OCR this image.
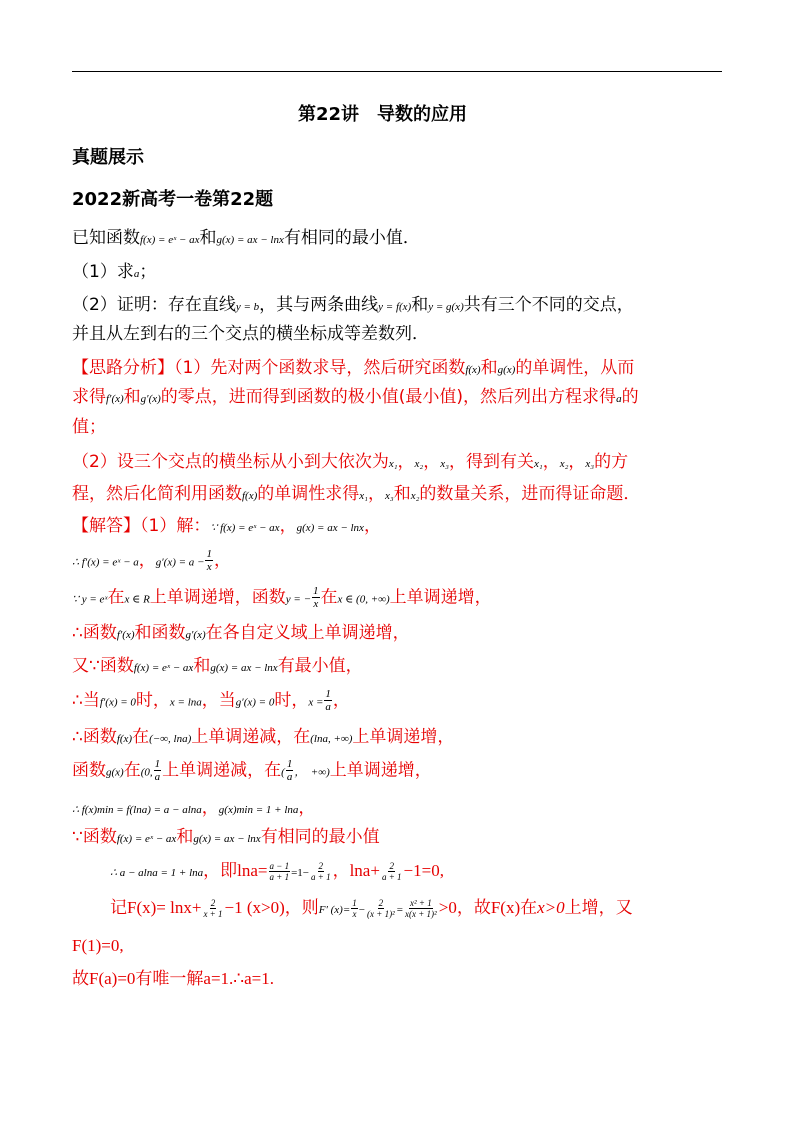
第22讲　导数的应用
真题展示
2022新高考一卷第22题
已知函数f(x) = eˣ − ax和g(x) = ax − lnx有相同的最小值．
（1）求a；
（2）证明：存在直线y = b，其与两条曲线y = f(x)和y = g(x)共有三个不同的交点，
并且从左到右的三个交点的横坐标成等差数列．
【思路分析】（1）先对两个函数求导，然后研究函数f(x)和g(x)的单调性，从而
求得f′(x)和g′(x)的零点，进而得到函数的极小值(最小值)，然后列出方程求得a的
值；
（2）设三个交点的横坐标从小到大依次为x₁，x₂，x₃，得到有关x₁，x₂，x₃的方
程，然后化简利用函数f(x)的单调性求得x₁，x₃和x₂的数量关系，进而得证命题．
【解答】（1）解：∵ f(x) = eˣ − ax，g(x) = ax − lnx，
∴ f′(x) = eˣ − a，$g'(x) = a - \frac{1}{x}$ ，
∵ y = eˣ在x ∈ R上单调递增，函数y = − $\frac{1}{x}$ 在x ∈ (0, +∞)上单调递增，
∴函数f′(x)和函数g′(x)在各自定义域上单调递增，
又∵函数f(x) = eˣ − ax和g(x) = ax − lnx有最小值，
∴当f′(x) = 0时，x = lna，当g′(x) = 0时，$x = \frac{1}{a}$ ，
∴函数f(x)在(−∞, lna)上单调递减，在(lna, +∞)上单调递增，
函数g(x)在(0, $\frac{1}{a}$ 上单调递减，在( $\frac{1}{a}$ ，　+∞)上单调递增，
∴ f(x)min = f(lna) = a − alna，g(x)min = 1 + lna，
∵函数f(x) = eˣ − ax和g(x) = ax − lnx有相同的最小值
∴ a − alna = 1 + lna，即$\ln a= \frac{a - 1}{a + 1} =1- \frac{2}{a + 1}$ ，$\ln a+ \frac{2}{a + 1} -1=0$,
记$F(x)= \ln x+ \frac{2}{x + 1} -1$ (x>0)，则F′ $(x)= \frac{1}{x} - \frac{2}{\text{(x + 1)²}} = \frac{\text{x² + 1}}{\text{x(x + 1)²}} >0$，故F(x)在x>0上增，又
F(1)=0,
故F(a)=0有唯一解a=1.∴a=1.
